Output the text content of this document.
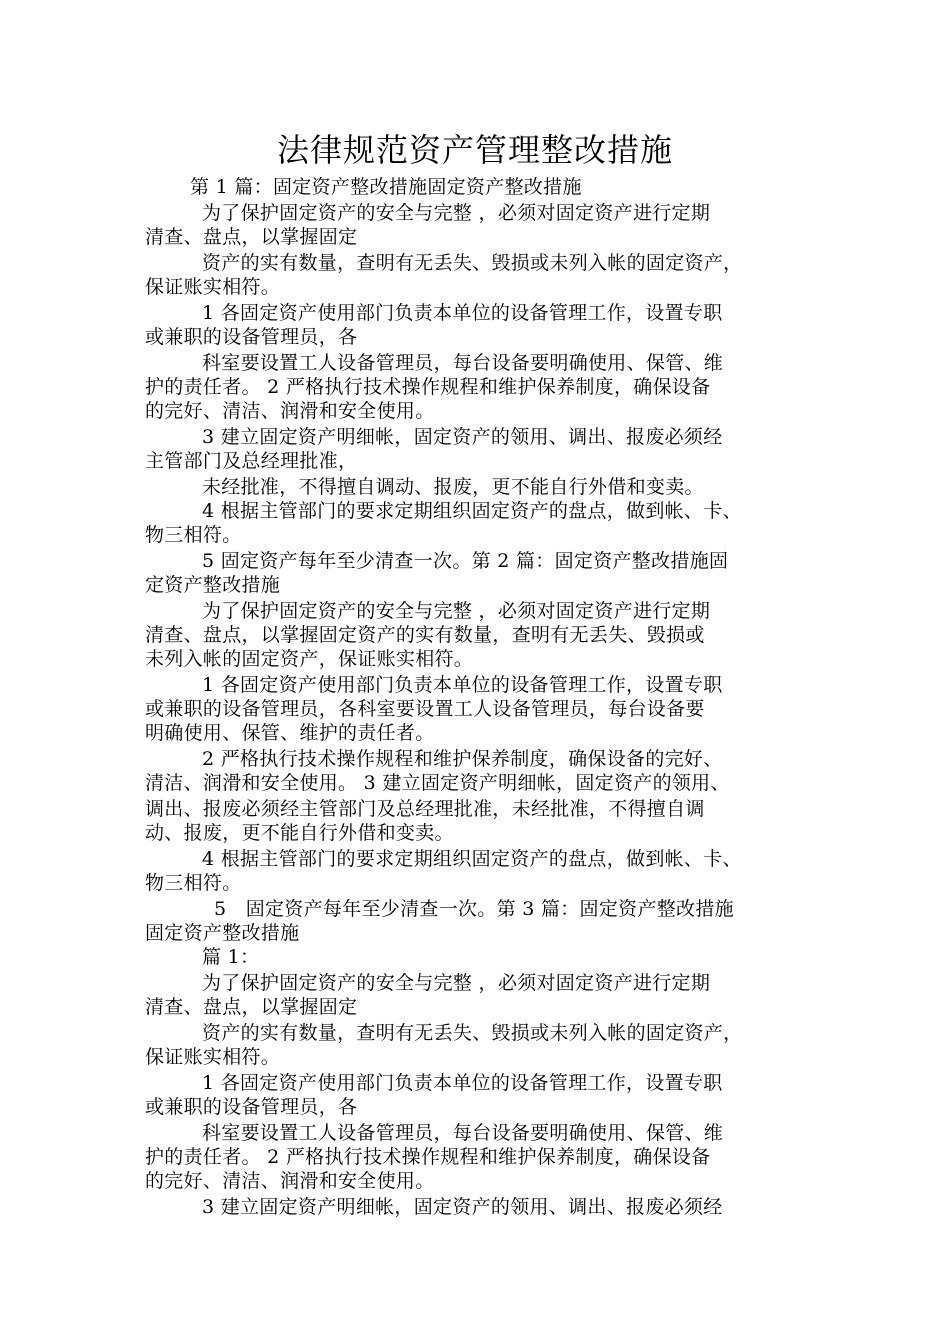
法律规范资产管理整改措施
第 1 篇：固定资产整改措施固定资产整改措施
为了保护固定资产的安全与完整 ，必须对固定资产进行定期
清查、盘点，以掌握固定
资产的实有数量，查明有无丢失、毁损或未列入帐的固定资产，
保证账实相符。
1 各固定资产使用部门负责本单位的设备管理工作，设置专职
或兼职的设备管理员，各
科室要设置工人设备管理员，每台设备要明确使用、保管、维
护的责任者。 2 严格执行技术操作规程和维护保养制度，确保设备
的完好、清洁、润滑和安全使用。
3 建立固定资产明细帐，固定资产的领用、调出、报废必须经
主管部门及总经理批准，
未经批准，不得擅自调动、报废，更不能自行外借和变卖。
4 根据主管部门的要求定期组织固定资产的盘点，做到帐、卡、
物三相符。
5 固定资产每年至少清查一次。第 2 篇：固定资产整改措施固
定资产整改措施
为了保护固定资产的安全与完整 ，必须对固定资产进行定期
清查、盘点，以掌握固定资产的实有数量，查明有无丢失、毁损或
未列入帐的固定资产，保证账实相符。
1 各固定资产使用部门负责本单位的设备管理工作，设置专职
或兼职的设备管理员，各科室要设置工人设备管理员，每台设备要
明确使用、保管、维护的责任者。
2 严格执行技术操作规程和维护保养制度，确保设备的完好、
清洁、润滑和安全使用。 3 建立固定资产明细帐，固定资产的领用、
调出、报废必须经主管部门及总经理批准，未经批准，不得擅自调
动、报废，更不能自行外借和变卖。
4 根据主管部门的要求定期组织固定资产的盘点，做到帐、卡、
物三相符。
5　固定资产每年至少清查一次。第 3 篇：固定资产整改措施
固定资产整改措施
篇 1：
为了保护固定资产的安全与完整 ，必须对固定资产进行定期
清查、盘点，以掌握固定
资产的实有数量，查明有无丢失、毁损或未列入帐的固定资产，
保证账实相符。
1 各固定资产使用部门负责本单位的设备管理工作，设置专职
或兼职的设备管理员，各
科室要设置工人设备管理员，每台设备要明确使用、保管、维
护的责任者。 2 严格执行技术操作规程和维护保养制度，确保设备
的完好、清洁、润滑和安全使用。
3 建立固定资产明细帐，固定资产的领用、调出、报废必须经
